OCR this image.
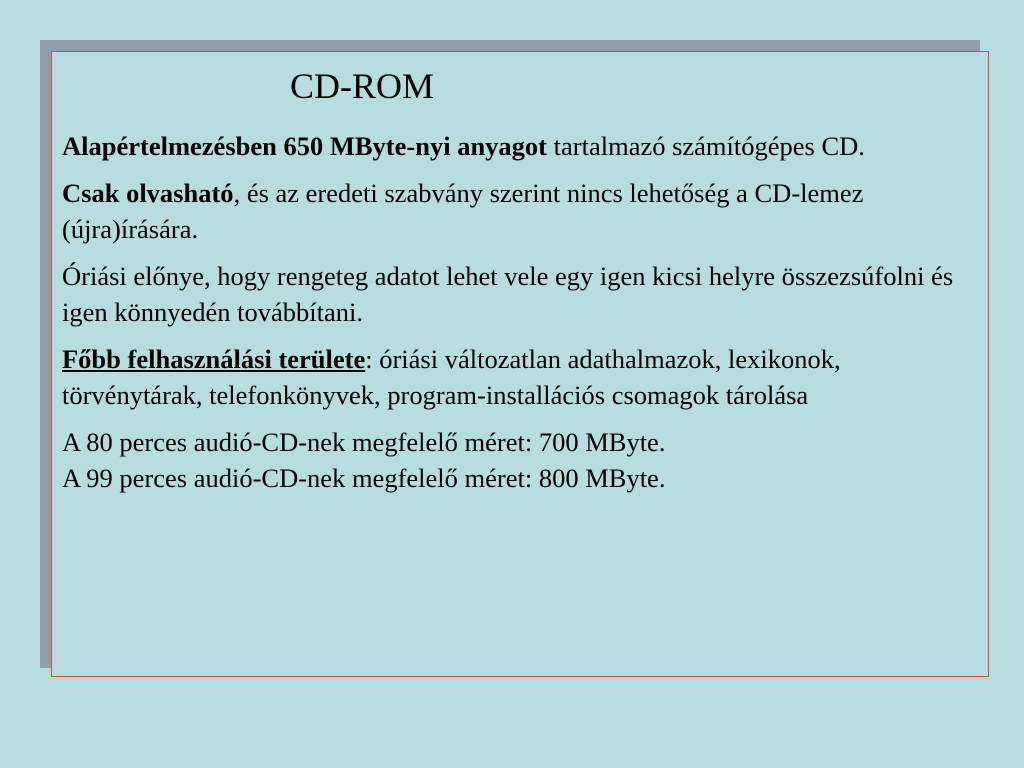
CD-ROM

Alapértelmezésben 650 MByte-nyi anyagot tartalmazó számítógépes CD.

Csak olvasható, és az eredeti szabvány szerint nincs lehetőség a CD-lemez (újra)írására.

Óriási előnye, hogy rengeteg adatot lehet vele egy igen kicsi helyre összezsúfolni és igen könnyedén továbbítani.

Főbb felhasználási területe: óriási változatlan adathalmazok, lexikonok, törvénytárak, telefonkönyvek, program-installációs csomagok tárolása

A 80 perces audió-CD-nek megfelelő méret: 700 MByte.
A 99 perces audió-CD-nek megfelelő méret: 800 MByte.
